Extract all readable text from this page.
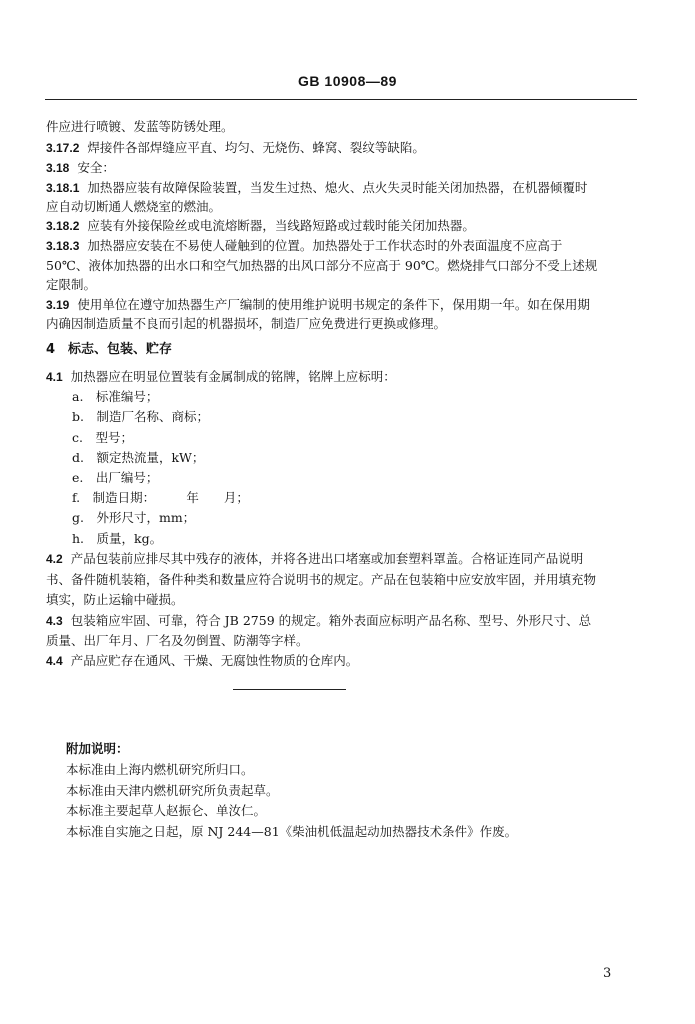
GB 10908—89
件应进行喷镀、发蓝等防锈处理。
3.17.2 焊接件各部焊缝应平直、均匀、无烧伤、蜂窝、裂纹等缺陷。
3.18 安全：
3.18.1 加热器应装有故障保险装置，当发生过热、熄火、点火失灵时能关闭加热器，在机器倾覆时
应自动切断通人燃烧室的燃油。
3.18.2 应装有外接保险丝或电流熔断器，当线路短路或过载时能关闭加热器。
3.18.3 加热器应安装在不易使人碰触到的位置。加热器处于工作状态时的外表面温度不应高于
50℃、液体加热器的出水口和空气加热器的出风口部分不应高于 90℃。燃烧排气口部分不受上述规
定限制。
3.19 使用单位在遵守加热器生产厂编制的使用维护说明书规定的条件下，保用期一年。如在保用期
内确因制造质量不良而引起的机器损坏，制造厂应免费进行更换或修理。
4　标志、包装、贮存
4.1 加热器应在明显位置装有金属制成的铭牌，铭牌上应标明：
a.　标准编号；
b.　制造厂名称、商标；
c.　型号；
d.　额定热流量，kW；
e.　出厂编号；
f.　制造日期：　　　年　　月；
g.　外形尺寸，mm；
h.　质量，kg。
4.2 产品包装前应排尽其中残存的液体，并将各进出口堵塞或加套塑料罩盖。合格证连同产品说明
书、备件随机装箱，备件种类和数量应符合说明书的规定。产品在包装箱中应安放牢固，并用填充物
填实，防止运输中碰损。
4.3 包装箱应牢固、可靠，符合 JB 2759 的规定。箱外表面应标明产品名称、型号、外形尺寸、总
质量、出厂年月、厂名及勿倒置、防潮等字样。
4.4 产品应贮存在通风、干燥、无腐蚀性物质的仓库内。
附加说明：
本标准由上海内燃机研究所归口。
本标准由天津内燃机研究所负责起草。
本标准主要起草人赵振仑、单汝仁。
本标准自实施之日起，原 NJ 244—81《柴油机低温起动加热器技术条件》作废。
3
